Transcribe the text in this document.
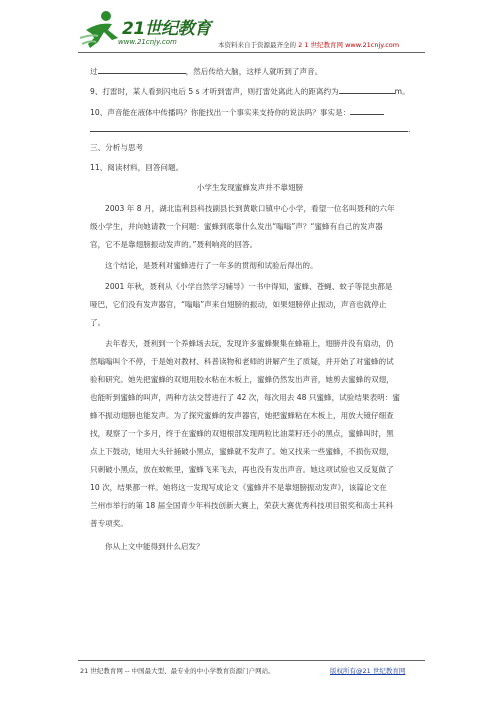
21世纪教育
www.21cnjy.com	本资料来自于资源最齐全的 2 1 世纪教育网 www.21cnjy.com
过	，然后传给大脑，这样人就听到了声音。
9、打雷时，某人看到闪电后 5 s 才听到雷声，则打雷处离此人的距离约为	m。
10、声音能在液体中传播吗？你能找出一个事实来支持你的说法吗？事实是：
.
三、分析与思考
11、阅读材料，回答问题。
小学生发现蜜蜂发声并不靠翅膀
2003 年 8 月，湖北监利县科技副县长到黄歇口镇中心小学，看望一位名叫聂利的六年
级小学生，并向她请教一个问题：蜜蜂到底靠什么发出“嗡嗡”声？“蜜蜂有自己的发声器
官，它不是靠翅膀振动发声的。”聂利响亮的回答。
这个结论，是聂利对蜜蜂进行了一年多的贯彻和试验后得出的。
2001 年秋，聂利从《小学自然学习辅导》一书中得知，蜜蜂、苍蝇、蚊子等昆虫都是
哑巴，它们没有发声器官，“嗡嗡”声来自翅膀的振动，如果翅膀停止振动，声音也就停止
了。
去年春天，聂利到一个养蜂场去玩，发现许多蜜蜂聚集在蜂箱上，翅膀并没有扇动，仍
然嗡嗡叫个不停，于是她对教材、科普读物和老师的讲解产生了质疑，并开始了对蜜蜂的试
验和研究。她先把蜜蜂的双翅用胶水粘在木板上，蜜蜂仍然发出声音，她剪去蜜蜂的双翅，
也能听到蜜蜂的叫声，两种方法交替进行了 42 次，每次用去 48 只蜜蜂，试验结果表明：蜜
蜂不振动翅膀也能发声。为了探究蜜蜂的发声器官，她把蜜蜂粘在木板上，用放大镜仔细查
找，观察了一个多月，终于在蜜蜂的双翅根部发现两粒比油菜籽还小的黑点，蜜蜂叫时，黑
点上下鼓动，她用大头针捅破小黑点，蜜蜂就不发声了。她又找来一些蜜蜂，不损伤双翅，
只刺破小黑点，放在蚊帐里，蜜蜂飞来飞去，再也没有发出声音。她这项试验也又反复做了
10 次，结果都一样。她将这一发现写成论文《蜜蜂并不是靠翅膀振动发声》，该篇论文在
兰州市举行的第 18 届全国青少年科技创新大赛上，荣获大赛优秀科技项目银奖和高士其科
普专项奖。
你从上文中能得到什么启发？
21 世纪教育网 -- 中国最大型、最专业的中小学教育资源门户网站。	版权所有@21 世纪教育网
